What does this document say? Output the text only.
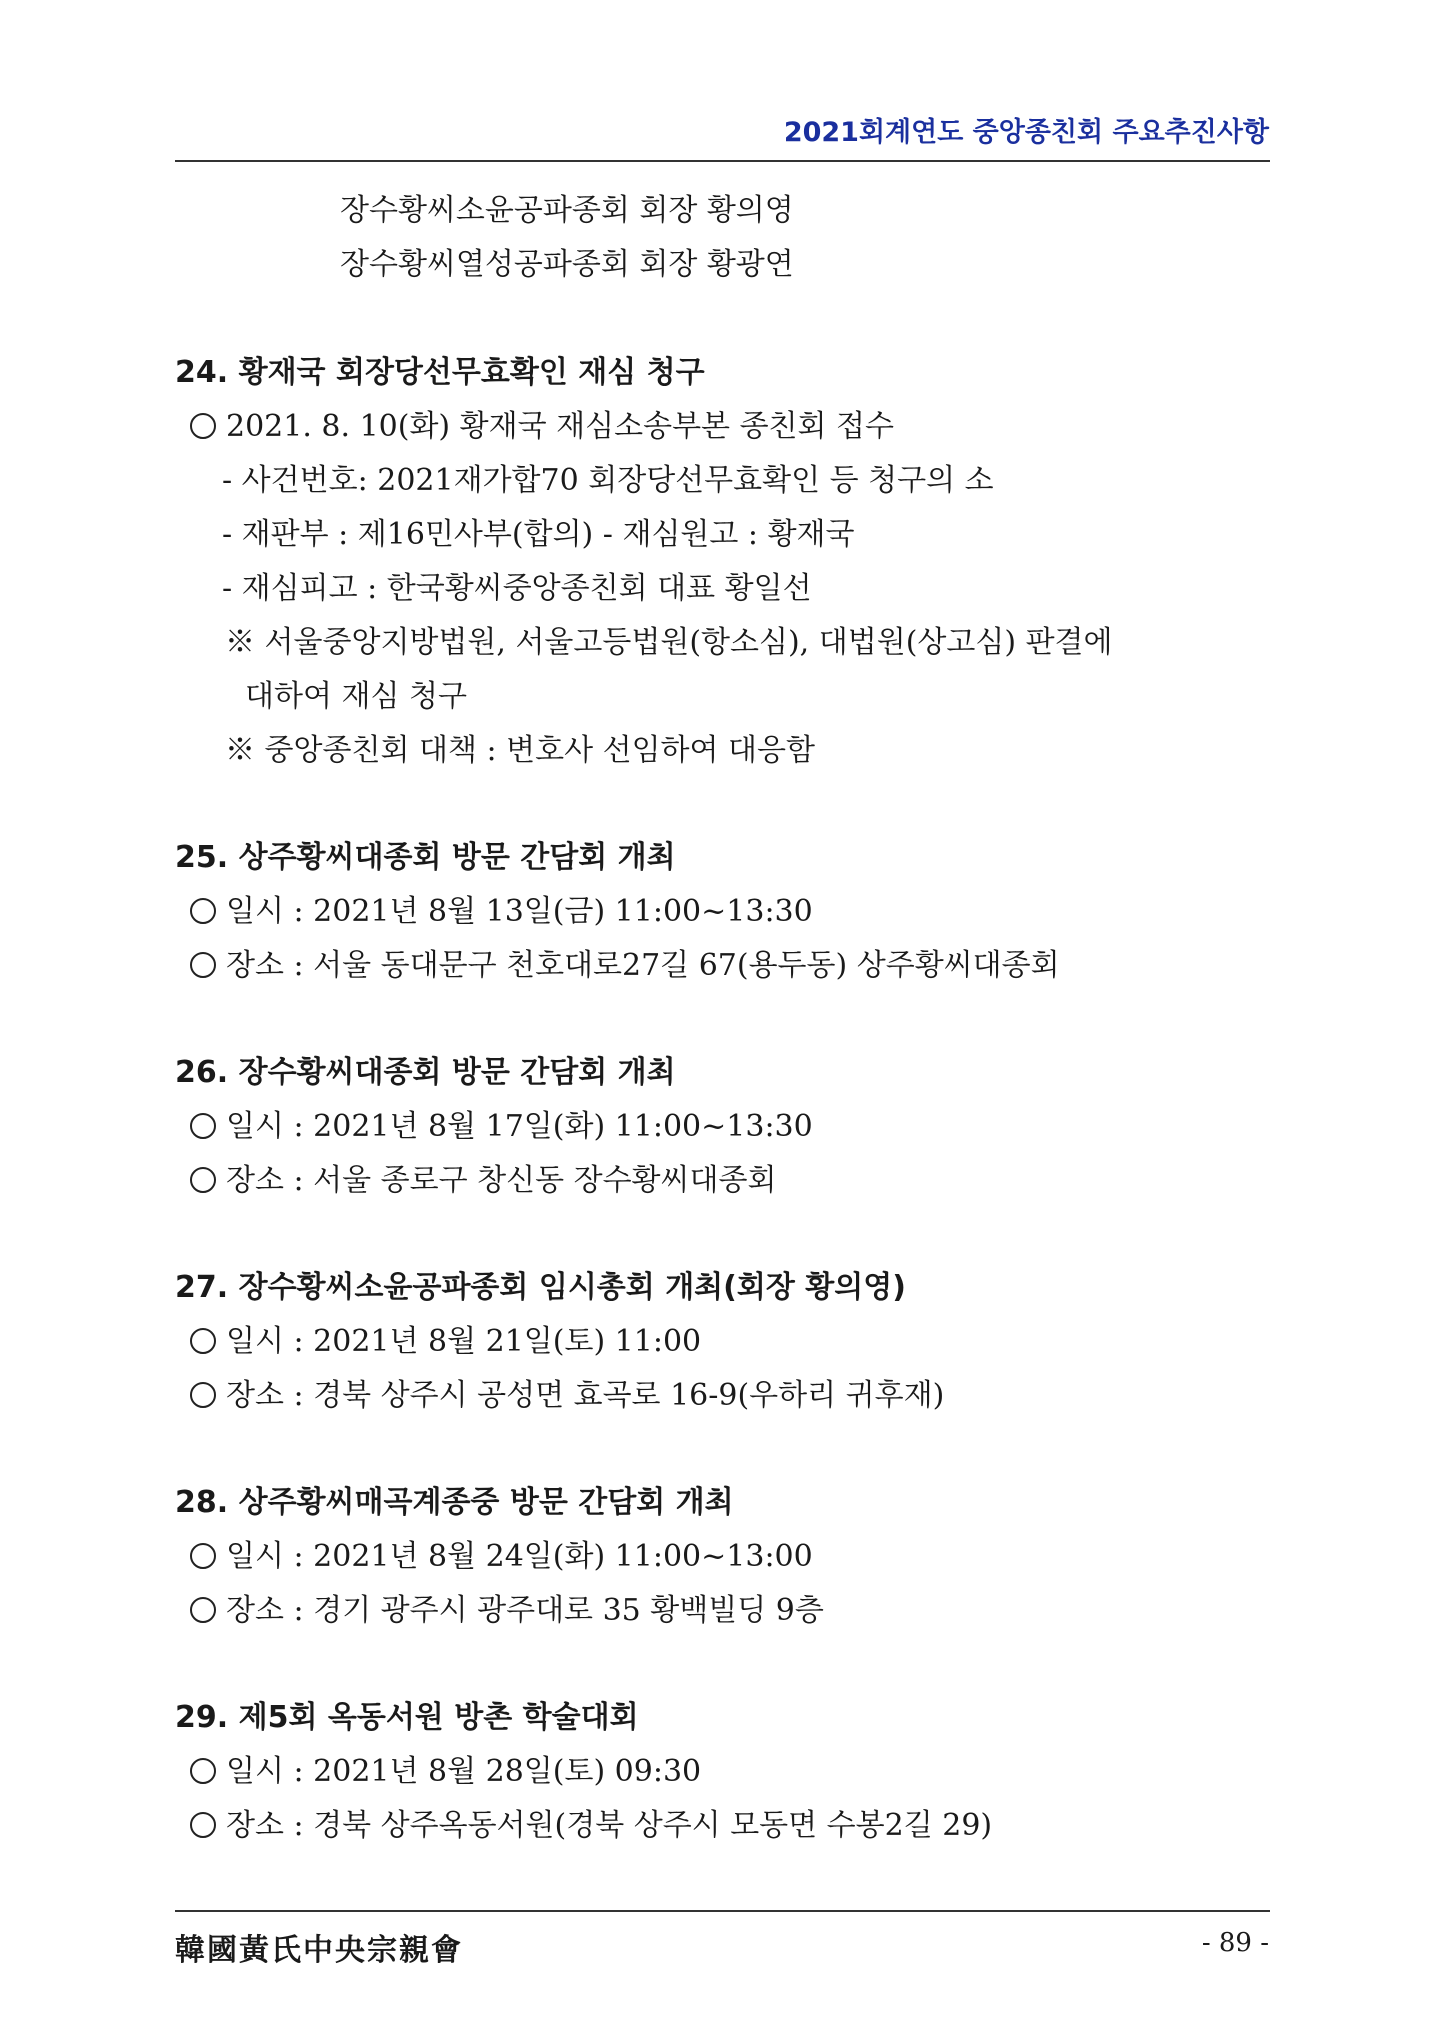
2021회계연도 중앙종친회 주요추진사항
장수황씨소윤공파종회 회장 황의영
장수황씨열성공파종회 회장 황광연
24. 황재국 회장당선무효확인 재심 청구
2021. 8. 10(화) 황재국 재심소송부본 종친회 접수
- 사건번호: 2021재가합70 회장당선무효확인 등 청구의 소
- 재판부 : 제16민사부(합의) - 재심원고 : 황재국
- 재심피고 : 한국황씨중앙종친회 대표 황일선
※ 서울중앙지방법원, 서울고등법원(항소심), 대법원(상고심) 판결에
대하여 재심 청구
※ 중앙종친회 대책 : 변호사 선임하여 대응함
25. 상주황씨대종회 방문 간담회 개최
일시 : 2021년 8월 13일(금) 11:00~13:30
장소 : 서울 동대문구 천호대로27길 67(용두동) 상주황씨대종회
26. 장수황씨대종회 방문 간담회 개최
일시 : 2021년 8월 17일(화) 11:00~13:30
장소 : 서울 종로구 창신동 장수황씨대종회
27. 장수황씨소윤공파종회 임시총회 개최(회장 황의영)
일시 : 2021년 8월 21일(토) 11:00
장소 : 경북 상주시 공성면 효곡로 16-9(우하리 귀후재)
28. 상주황씨매곡계종중 방문 간담회 개최
일시 : 2021년 8월 24일(화) 11:00~13:00
장소 : 경기 광주시 광주대로 35 황백빌딩 9층
29. 제5회 옥동서원 방촌 학술대회
일시 : 2021년 8월 28일(토) 09:30
장소 : 경북 상주옥동서원(경북 상주시 모동면 수봉2길 29)
韓國黃氏中央宗親會	- 89 -
